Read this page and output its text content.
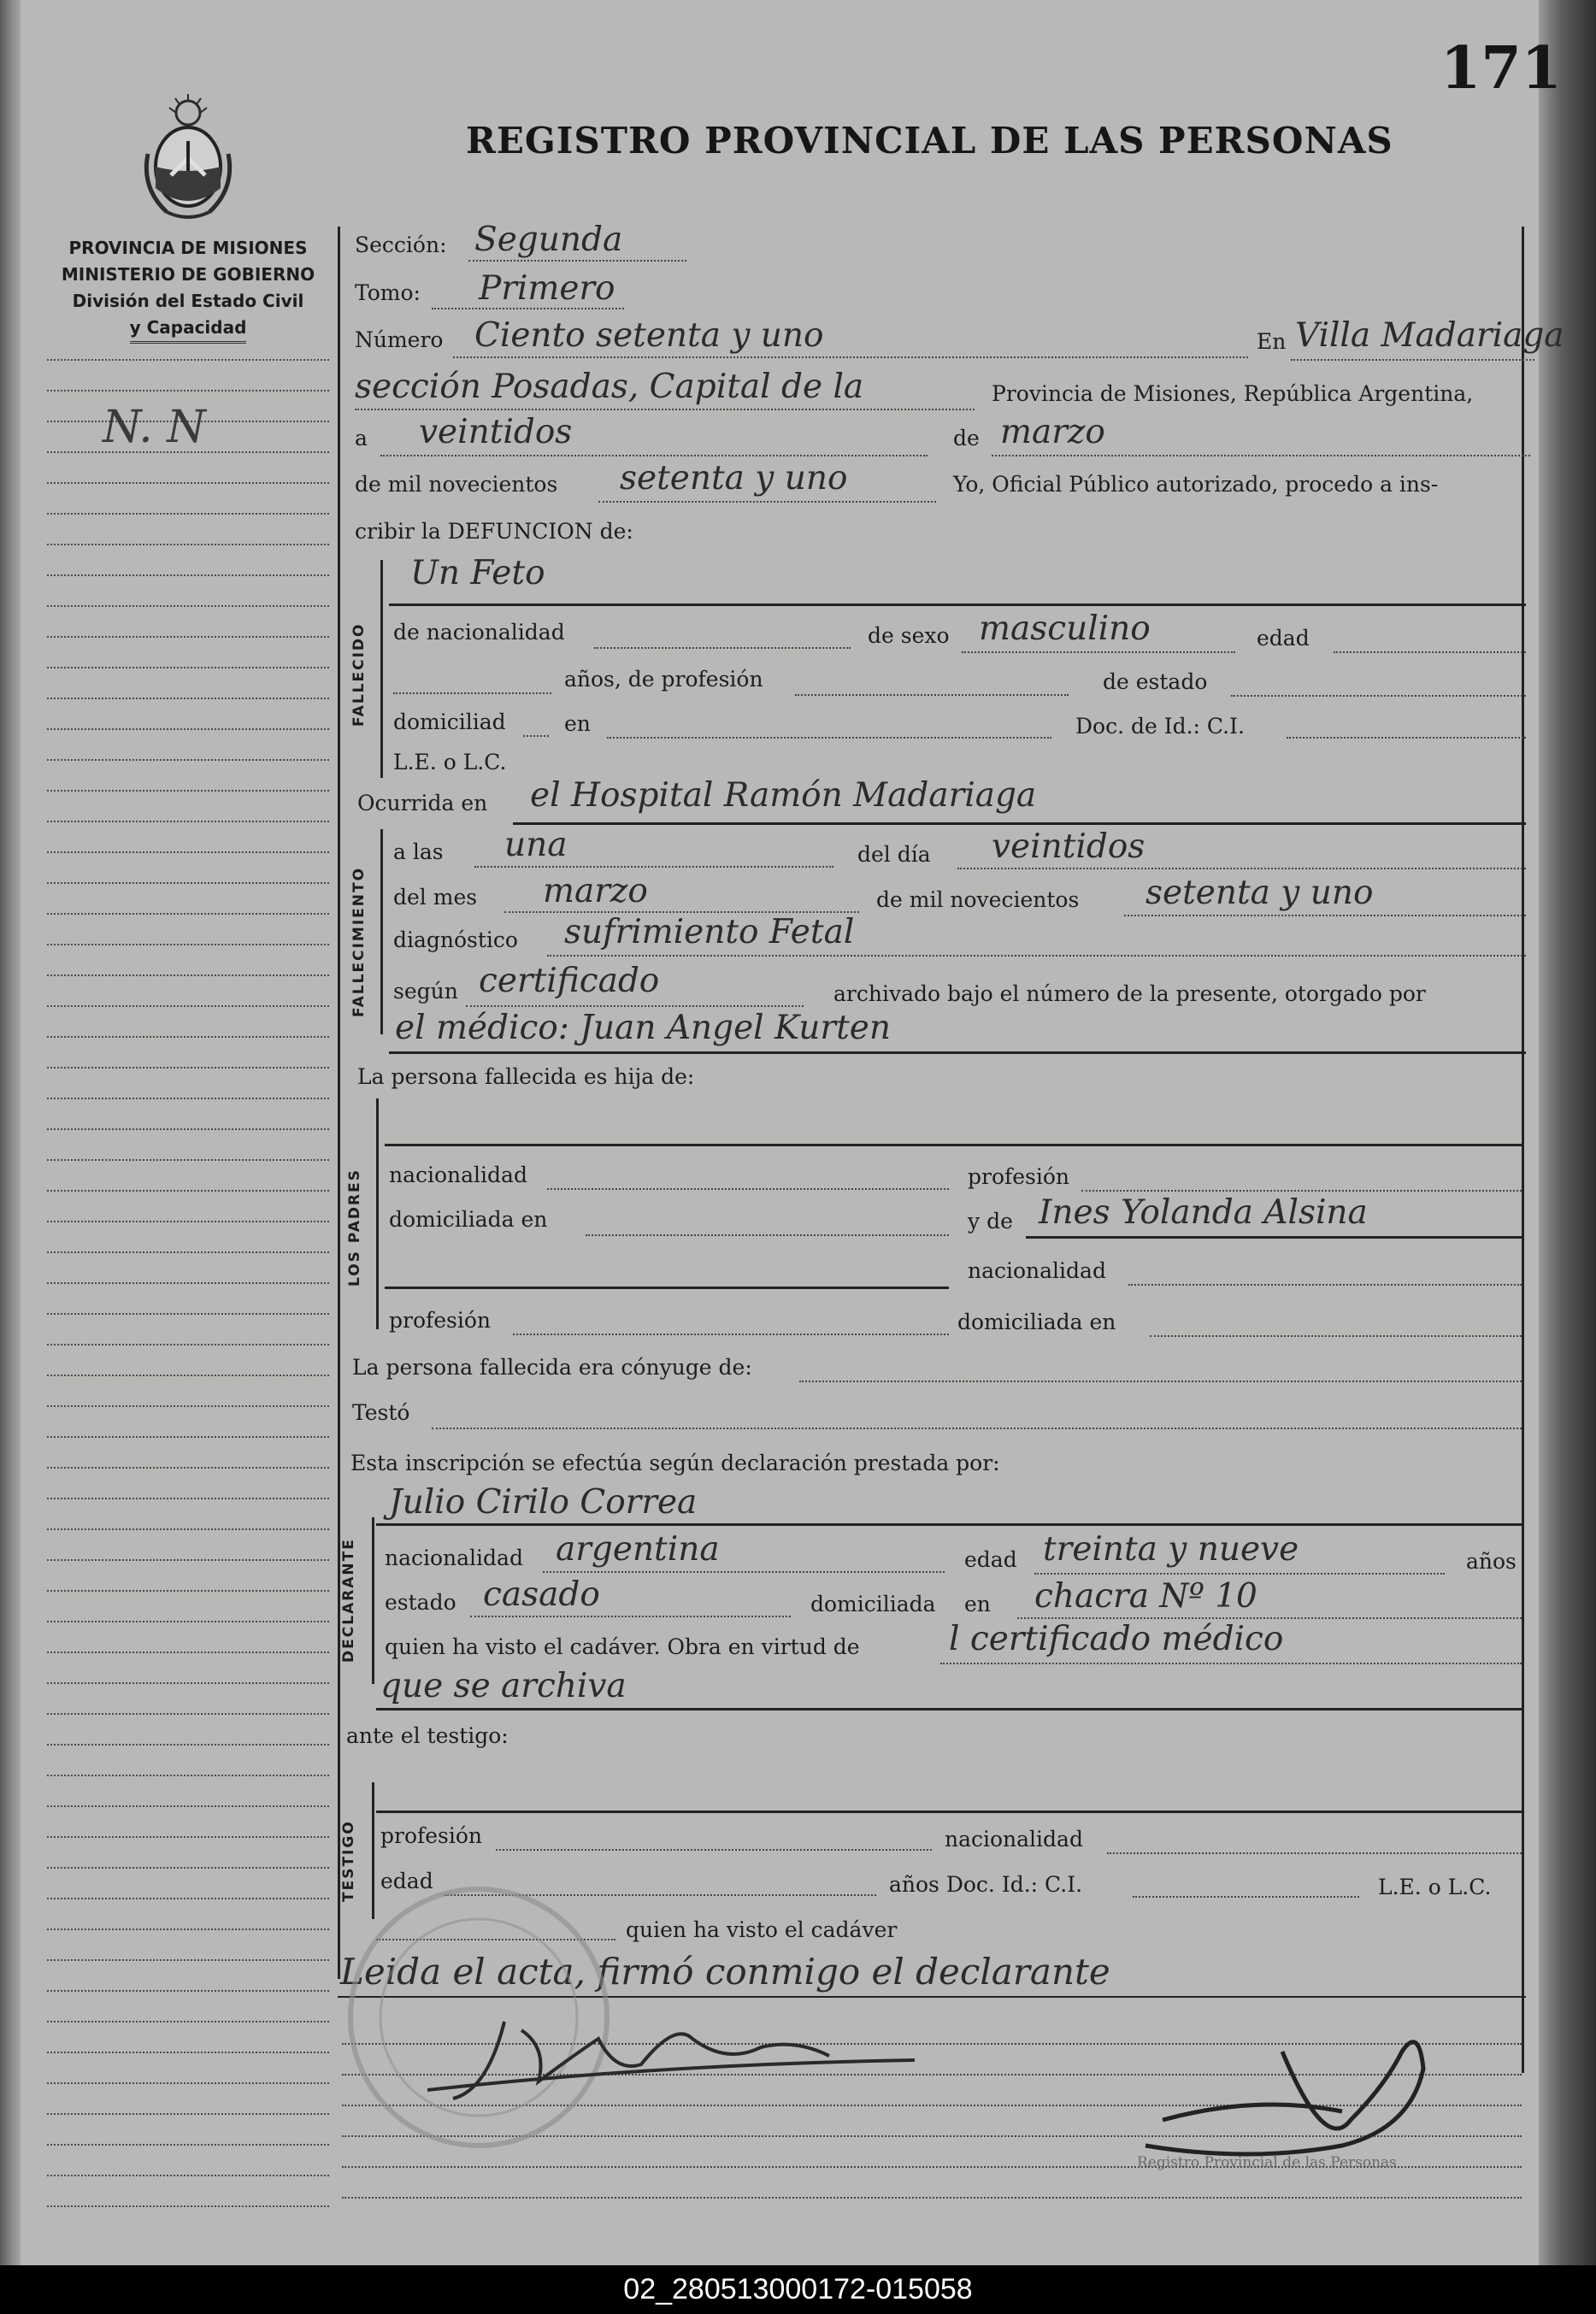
171
REGISTRO PROVINCIAL DE LAS PERSONAS
PROVINCIA DE MISIONES
MINISTERIO DE GOBIERNO
División del Estado Civil
y Capacidad
N. N
Sección: Segunda
Tomo: Primero
Número Ciento setenta y uno	En Villa Madariaga
sección Posadas, Capital de la	Provincia de Misiones, República Argentina,
a veintidos	de marzo
de mil novecientos setenta y uno	Yo, Oficial Público autorizado, procedo a ins-
cribir la DEFUNCION de:
FALLECIDO
Un Feto
de nacionalidad	de sexo masculino	edad
años, de profesión	de estado
domiciliad	en	Doc. de Id.: C.I.
L.E. o L.C.
Ocurrida en el Hospital Ramón Madariaga
FALLECIMIENTO
a las una	del día veintidos
del mes marzo	de mil novecientos setenta y uno
diagnóstico sufrimiento Fetal
según certificado	archivado bajo el número de la presente, otorgado por
el médico: Juan Angel Kurten
La persona fallecida es hija de:
LOS PADRES nacionalidad	profesión
domiciliada en	y de Ines Yolanda Alsina
nacionalidad
profesión	domiciliada en
La persona fallecida era cónyuge de:
Testó
Esta inscripción se efectúa según declaración prestada por:
Julio Cirilo Correa
DECLARANTE nacionalidad argentina	edad treinta y nueve	años
estado casado	domiciliada en chacra Nº 10
quien ha visto el cadáver. Obra en virtud de	l certificado médico
que se archiva
ante el testigo:
TESTIGO profesión	nacionalidad
edad	años Doc. Id.: C.I.	L.E. o L.C.
quien ha visto el cadáver
Leida el acta, firmó conmigo el declarante
Registro Provincial de las Personas
02_280513000172-015058
